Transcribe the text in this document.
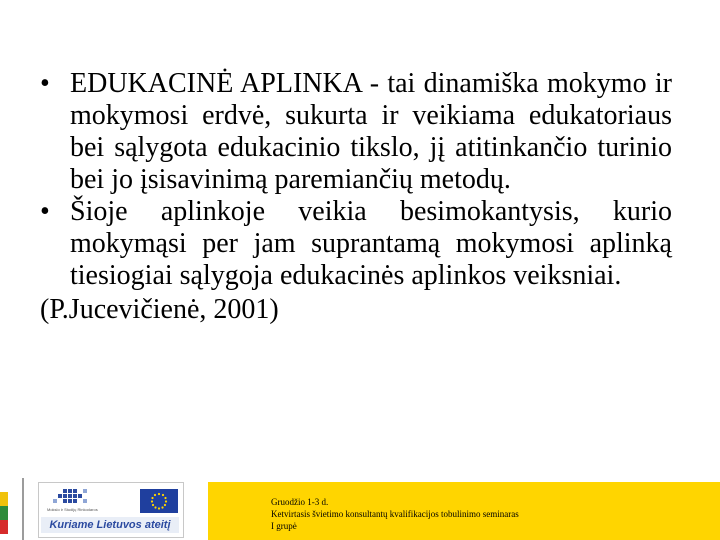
• EDUKACINĖ APLINKA - tai dinamiška mokymo ir mokymosi erdvė, sukurta ir veikiama edukatoriaus bei sąlygota edukacinio tikslo, jį atitinkančio turinio bei jo įsisavinimą paremiančių metodų.
• Šioje aplinkoje veikia besimokantysis, kurio mokymąsi per jam suprantamą mokymosi aplinką tiesiogiai sąlygoja edukacinės aplinkos veiksniai.
(P.Jucevičienė, 2001)
Mokslo ir Studijų Rinkodaros
Kuriame Lietuvos ateitį
Gruodžio 1-3 d.
Ketvirtasis švietimo konsultantų kvalifikacijos tobulinimo seminaras
I grupė
